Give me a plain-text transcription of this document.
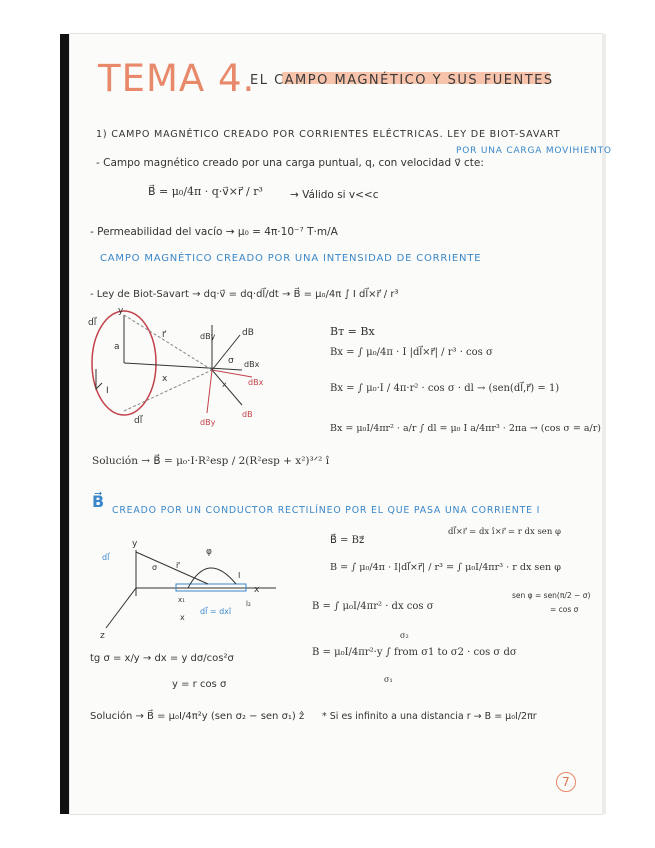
TEMA 4.
EL CAMPO MAGNÉTICO Y SUS FUENTES
1) CAMPO MAGNÉTICO CREADO POR CORRIENTES ELÉCTRICAS. LEY DE BIOT-SAVART
POR UNA CARGA MOVIHIENTO
- Campo magnético creado por una carga puntual, q, con velocidad v⃗ cte:
B⃗ = μ₀/4π · q·v⃗×r⃗ / r³	→ Válido si v<<c
- Permeabilidad del vacío → μ₀ = 4π·10⁻⁷ T·m/A
CAMPO MAGNÉTICO CREADO POR UNA INTENSIDAD DE CORRIENTE
- Ley de Biot-Savart → dq·v⃗ = dq·dl⃗/dt → B⃗ = μ₀/4π ∫ I dl⃗×r⃗ / r³
Bᴛ = Bx
Bx = ∫ μ₀/4π · I |dl⃗×r⃗| / r³ · cos σ
Bx = ∫ μ₀·I / 4π·r² · cos σ · dl → (sen(dl⃗,r⃗) = 1)
Bx = μ₀I/4πr² · a/r ∫ dl = μ₀ I a/4πr³ · 2πa → (cos σ = a/r)
Solución → B⃗ = μ₀·I·R²esp / 2(R²esp + x²)³ᐟ² î
dl⃗
y
a
r⃗
I
x
dl⃗
dBy	dB
σ dBx
dBx
x
dB
dBy
B⃗ CREADO POR UN CONDUCTOR RECTILÍNEO POR EL QUE PASA UNA CORRIENTE I
dl⃗×r⃗ = dx î×r⃗ = r dx sen φ
B⃗ = Bz⃗
B = ∫ μ₀/4π · I|dl⃗×r⃗| / r³ = ∫ μ₀I/4πr³ · r dx sen φ
sen φ = sen(π/2 − σ)
= cos σ
B = ∫ μ₀I/4πr² · dx cos σ
B = μ₀I/4πr²·y ∫ from σ1 to σ2 · cos σ dσ
tg σ = x/y → dx = y dσ/cos²σ
y = r cos σ
Solución → B⃗ = μ₀I/4π²y (sen σ₂ − sen σ₁) ẑ * Si es infinito a una distancia r → B = μ₀I/2πr
dl⃗
y
r⃗
φ
x
z
I
x₁
dl⃗ = dxî
l₂
x
σ
σ₂
σ₁
7
